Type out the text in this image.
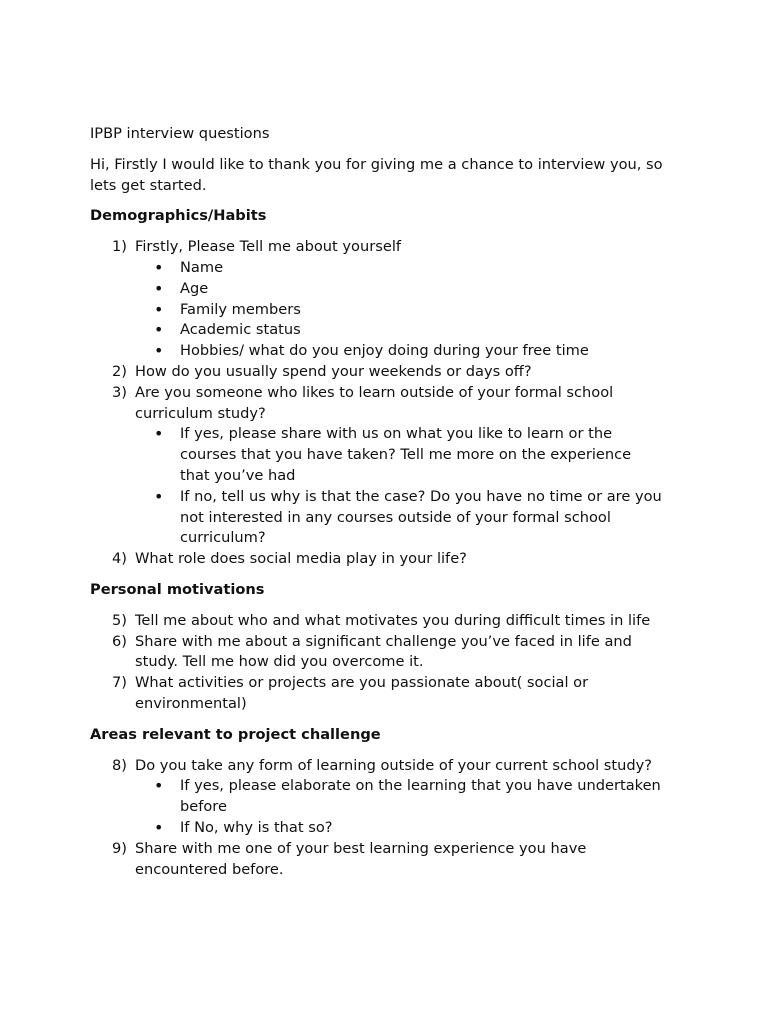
IPBP interview questions

Hi, Firstly I would like to thank you for giving me a chance to interview you, so lets get started.

Demographics/Habits

1) Firstly, Please Tell me about yourself
• Name
• Age
• Family members
• Academic status
• Hobbies/ what do you enjoy doing during your free time
2) How do you usually spend your weekends or days off?
3) Are you someone who likes to learn outside of your formal school curriculum study?
• If yes, please share with us on what you like to learn or the courses that you have taken? Tell me more on the experience that you’ve had
• If no, tell us why is that the case? Do you have no time or are you not interested in any courses outside of your formal school curriculum?
4) What role does social media play in your life?

Personal motivations

5) Tell me about who and what motivates you during difficult times in life
6) Share with me about a significant challenge you’ve faced in life and study. Tell me how did you overcome it.
7) What activities or projects are you passionate about( social or environmental)

Areas relevant to project challenge

8) Do you take any form of learning outside of your current school study?
• If yes, please elaborate on the learning that you have undertaken before
• If No, why is that so?
9) Share with me one of your best learning experience you have encountered before.
